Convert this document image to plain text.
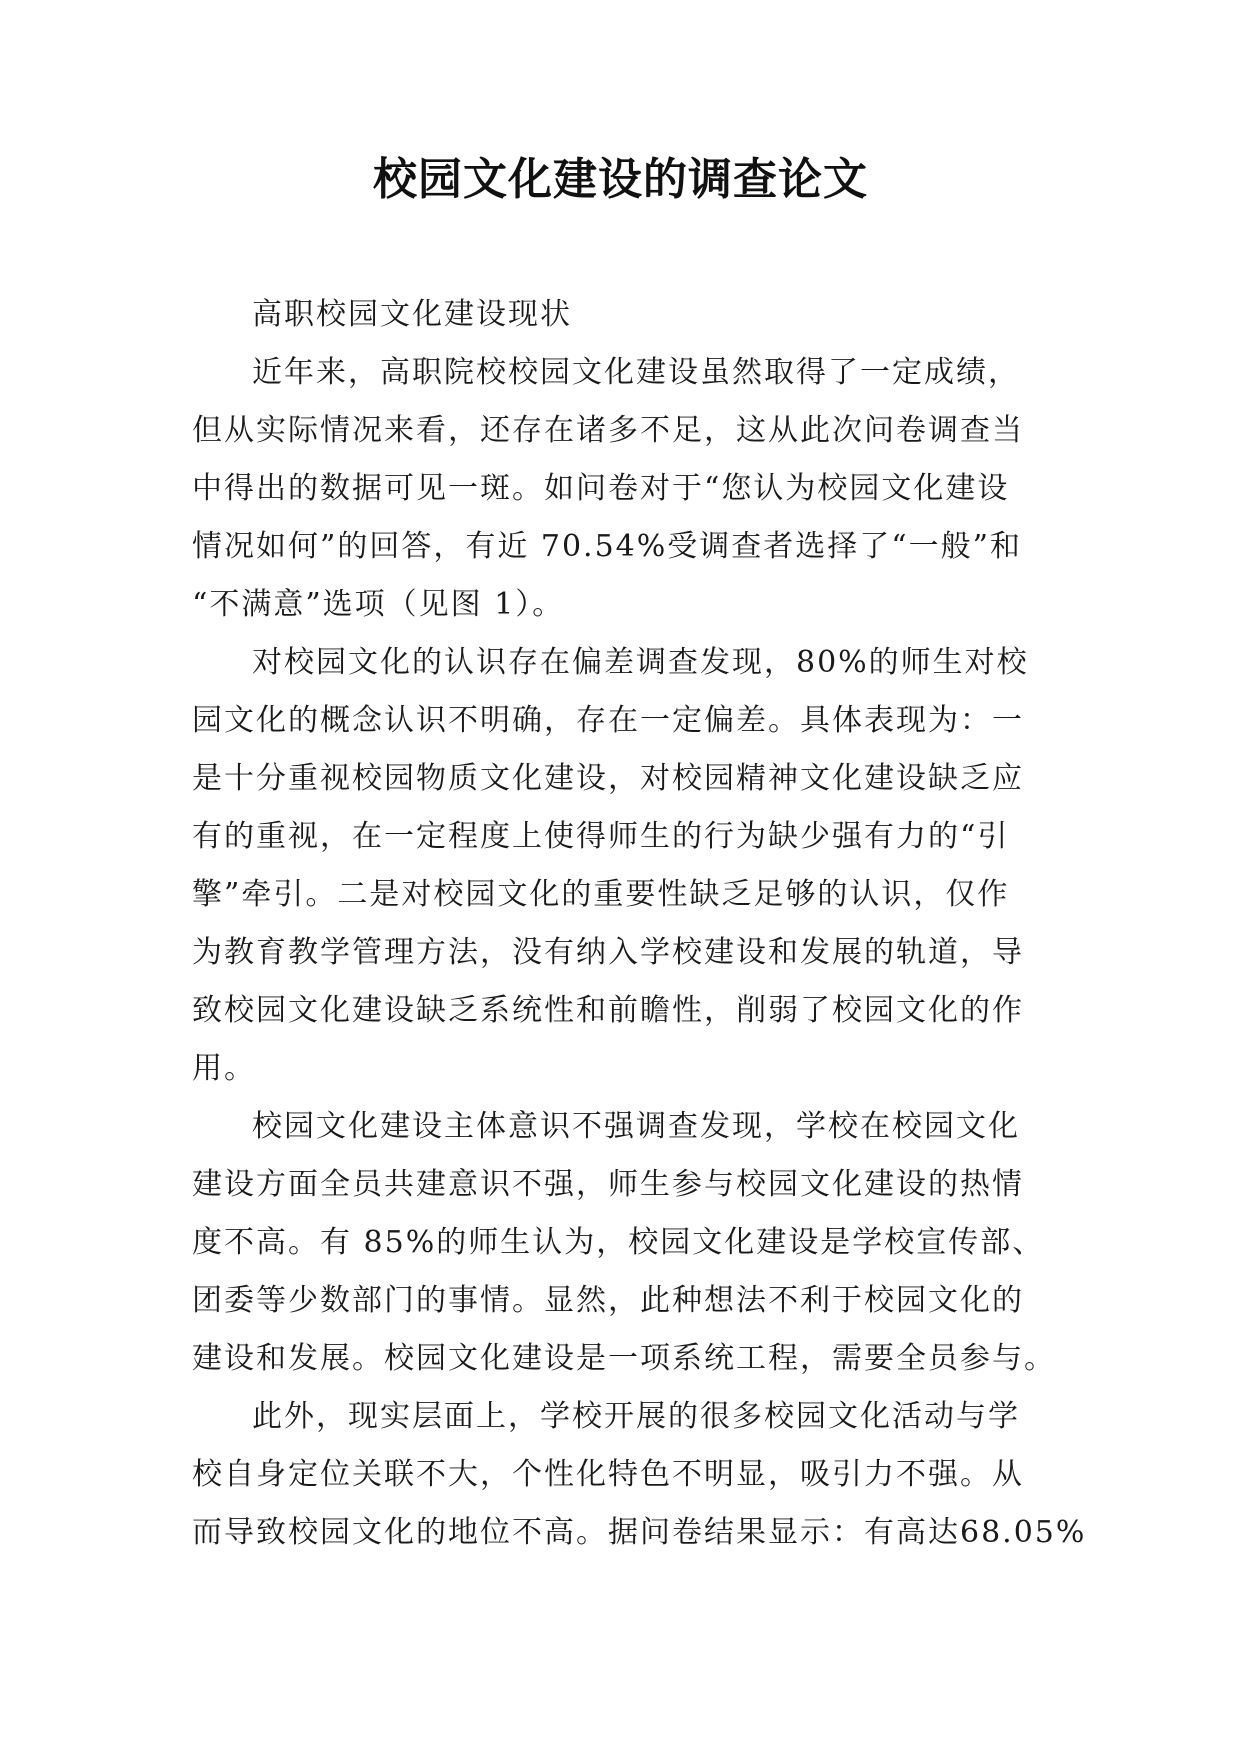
校园文化建设的调查论文

高职校园文化建设现状

近年来，高职院校校园文化建设虽然取得了一定成绩，
但从实际情况来看，还存在诸多不足，这从此次问卷调查当
中得出的数据可见一斑。如问卷对于“您认为校园文化建设
情况如何”的回答，有近 70.54%受调查者选择了“一般”和
“不满意”选项（见图 1）。

对校园文化的认识存在偏差调查发现，80%的师生对校
园文化的概念认识不明确，存在一定偏差。具体表现为：一
是十分重视校园物质文化建设，对校园精神文化建设缺乏应
有的重视，在一定程度上使得师生的行为缺少强有力的“引
擎”牵引。二是对校园文化的重要性缺乏足够的认识，仅作
为教育教学管理方法，没有纳入学校建设和发展的轨道，导
致校园文化建设缺乏系统性和前瞻性，削弱了校园文化的作
用。

校园文化建设主体意识不强调查发现，学校在校园文化
建设方面全员共建意识不强，师生参与校园文化建设的热情
度不高。有 85%的师生认为，校园文化建设是学校宣传部、
团委等少数部门的事情。显然，此种想法不利于校园文化的
建设和发展。校园文化建设是一项系统工程，需要全员参与。

此外，现实层面上，学校开展的很多校园文化活动与学
校自身定位关联不大，个性化特色不明显，吸引力不强。从
而导致校园文化的地位不高。据问卷结果显示：有高达68.05%
